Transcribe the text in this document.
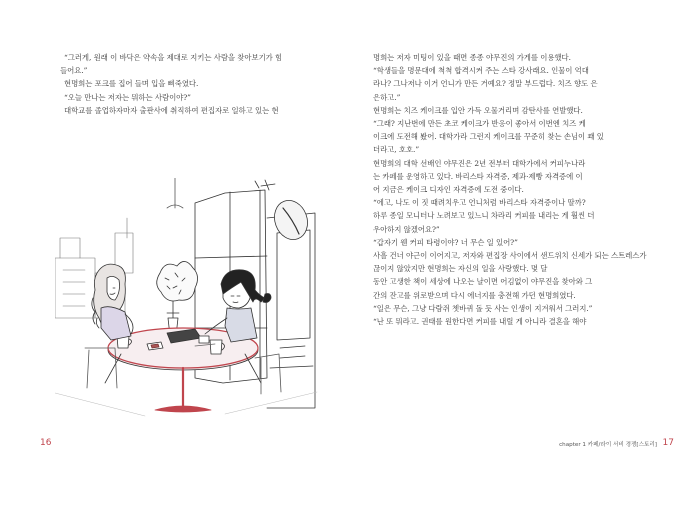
“그러게, 원래 이 바닥은 약속을 제대로 지키는 사람을 찾아보기가 힘

들어요.”

현명희는 포크를 집어 들며 입을 삐죽였다.

“오늘 만나는 저자는 뭐하는 사람이야?”

대학교를 졸업하자마자 출판사에 취직하여 편집자로 일하고 있는 현

16

명희는 저자 미팅이 있을 때면 종종 야무진의 가게를 이용했다.

“학생들을 명문대에 척척 합격시켜 주는 스타 강사래요. 인물이 억대

라나? 그나저나 이거 언니가 만든 거예요? 정말 부드럽다. 치즈 향도 은

은하고.”

현명희는 치즈 케이크를 입안 가득 오물거리며 감탄사를 연발했다.

“그래? 지난번에 만든 초코 케이크가 반응이 좋아서 이번엔 치즈 케

이크에 도전해 봤어. 대학가라 그런지 케이크를 꾸준히 찾는 손님이 꽤 있

더라고, 호호.”

현명희의 대학 선배인 야무진은 2년 전부터 대학가에서 커피누나라

는 카페를 운영하고 있다. 바리스타 자격증, 제과·제빵 자격증에 이

어 지금은 케이크 디자인 자격증에 도전 중이다.

“에고, 나도 이 짓 때려치우고 언니처럼 바리스타 자격증이나 딸까?

하루 종일 모니터나 노려보고 있느니 차라리 커피를 내리는 게 훨씬 더

우아하지 않겠어요?”

“갑자기 웬 커피 타령이야? 너 무슨 일 있어?”

사흘 건너 야근이 이어지고, 저자와 편집장 사이에서 샌드위치 신세가 되는 스트레스가 끊이지 않았지만 현명희는 자신의 일을 사랑했다. 몇 달

동안 고생한 책이 세상에 나오는 날이면 어김없이 야무진을 찾아와 그

간의 잔고를 위로받으며 다시 에너지를 충전해 가던 현명희였다.

“일은 무슨, 그냥 다람쥐 쳇바퀴 돌 듯 사는 인생이 지겨워서 그러지.”

“난 또 뭐라고. 권태를 원한다면 커피를 내릴 게 아니라 결혼을 해야

chapter 1 카페/라이 서비 경쟁[스토리] 17
